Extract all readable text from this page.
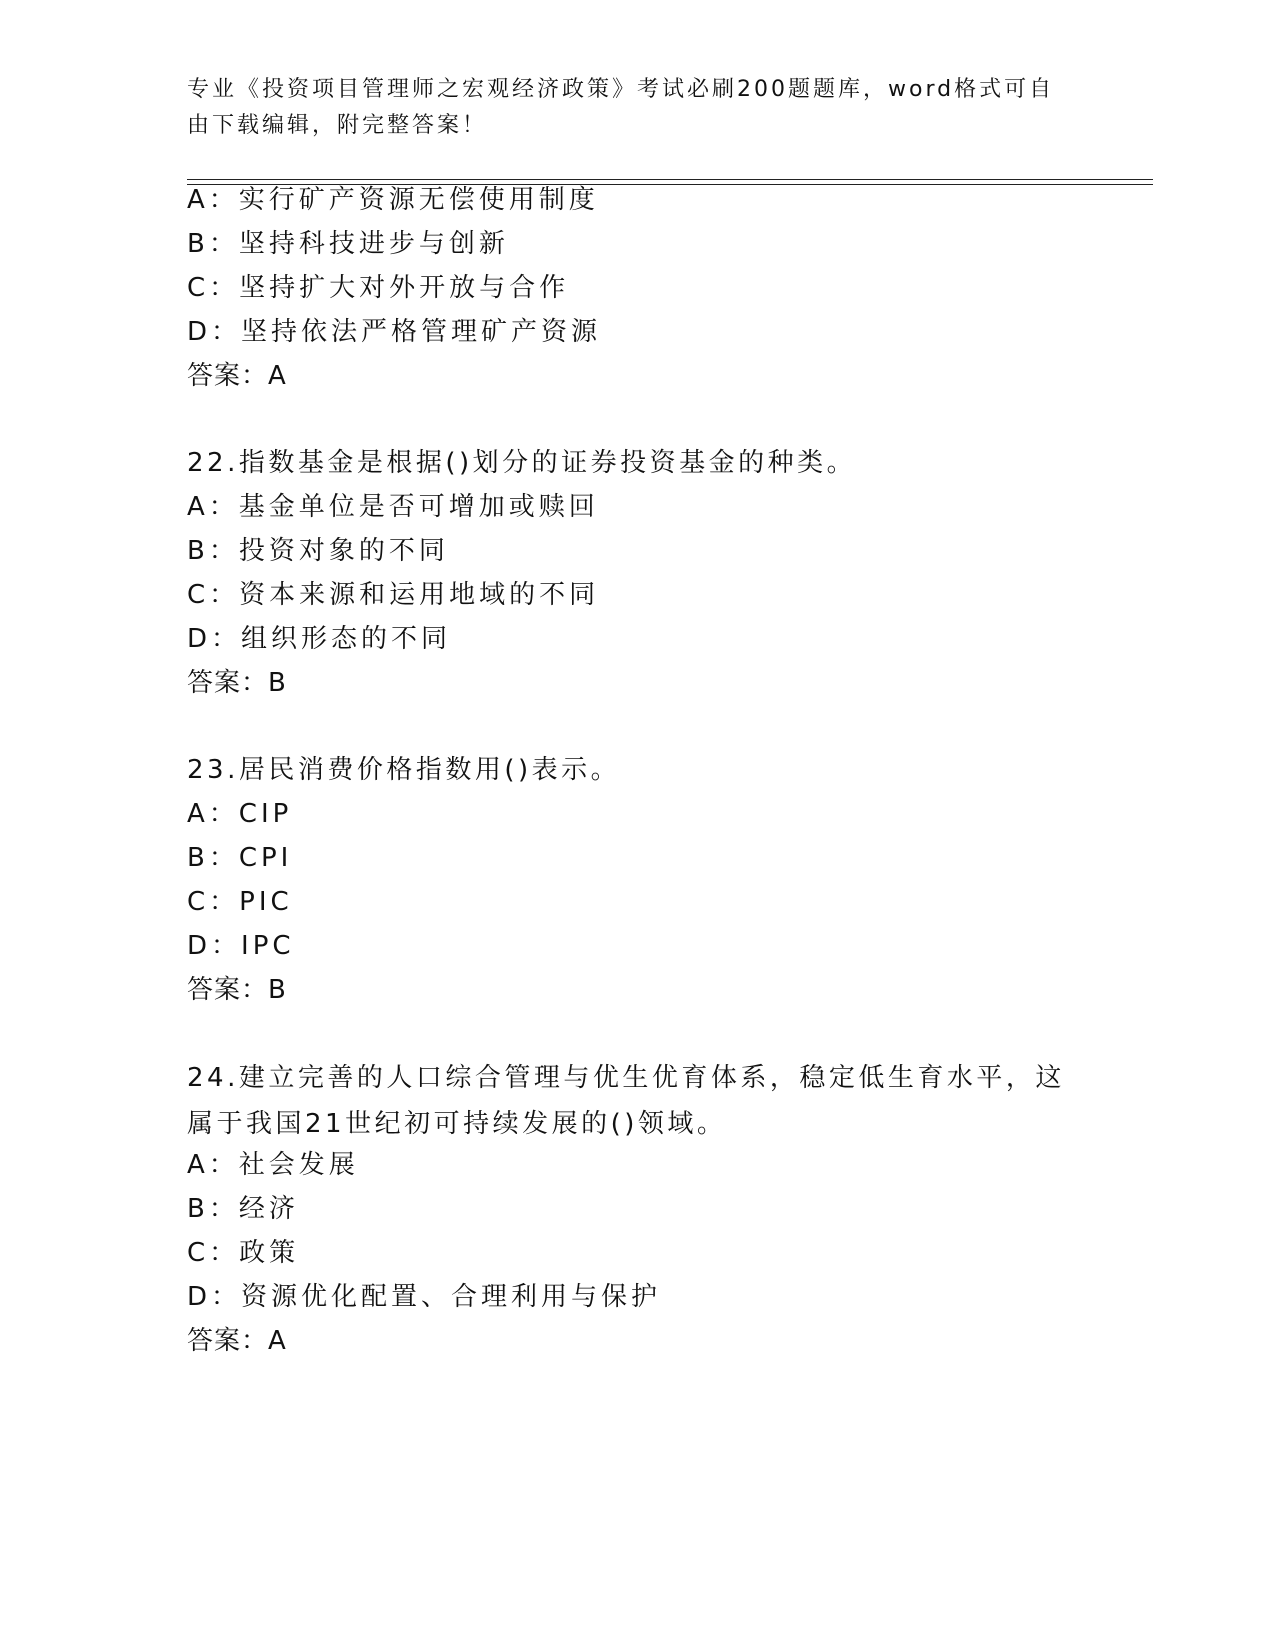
专业《投资项目管理师之宏观经济政策》考试必刷200题题库，word格式可自由下载编辑，附完整答案！
A：实行矿产资源无偿使用制度
B：坚持科技进步与创新
C：坚持扩大对外开放与合作
D：坚持依法严格管理矿产资源
答案：A
22.指数基金是根据()划分的证券投资基金的种类。
A：基金单位是否可增加或赎回
B：投资对象的不同
C：资本来源和运用地域的不同
D：组织形态的不同
答案：B
23.居民消费价格指数用()表示。
A：CIP
B：CPI
C：PIC
D：IPC
答案：B
24.建立完善的人口综合管理与优生优育体系，稳定低生育水平，这属于我国21世纪初可持续发展的()领域。
A：社会发展
B：经济
C：政策
D：资源优化配置、合理利用与保护
答案：A
